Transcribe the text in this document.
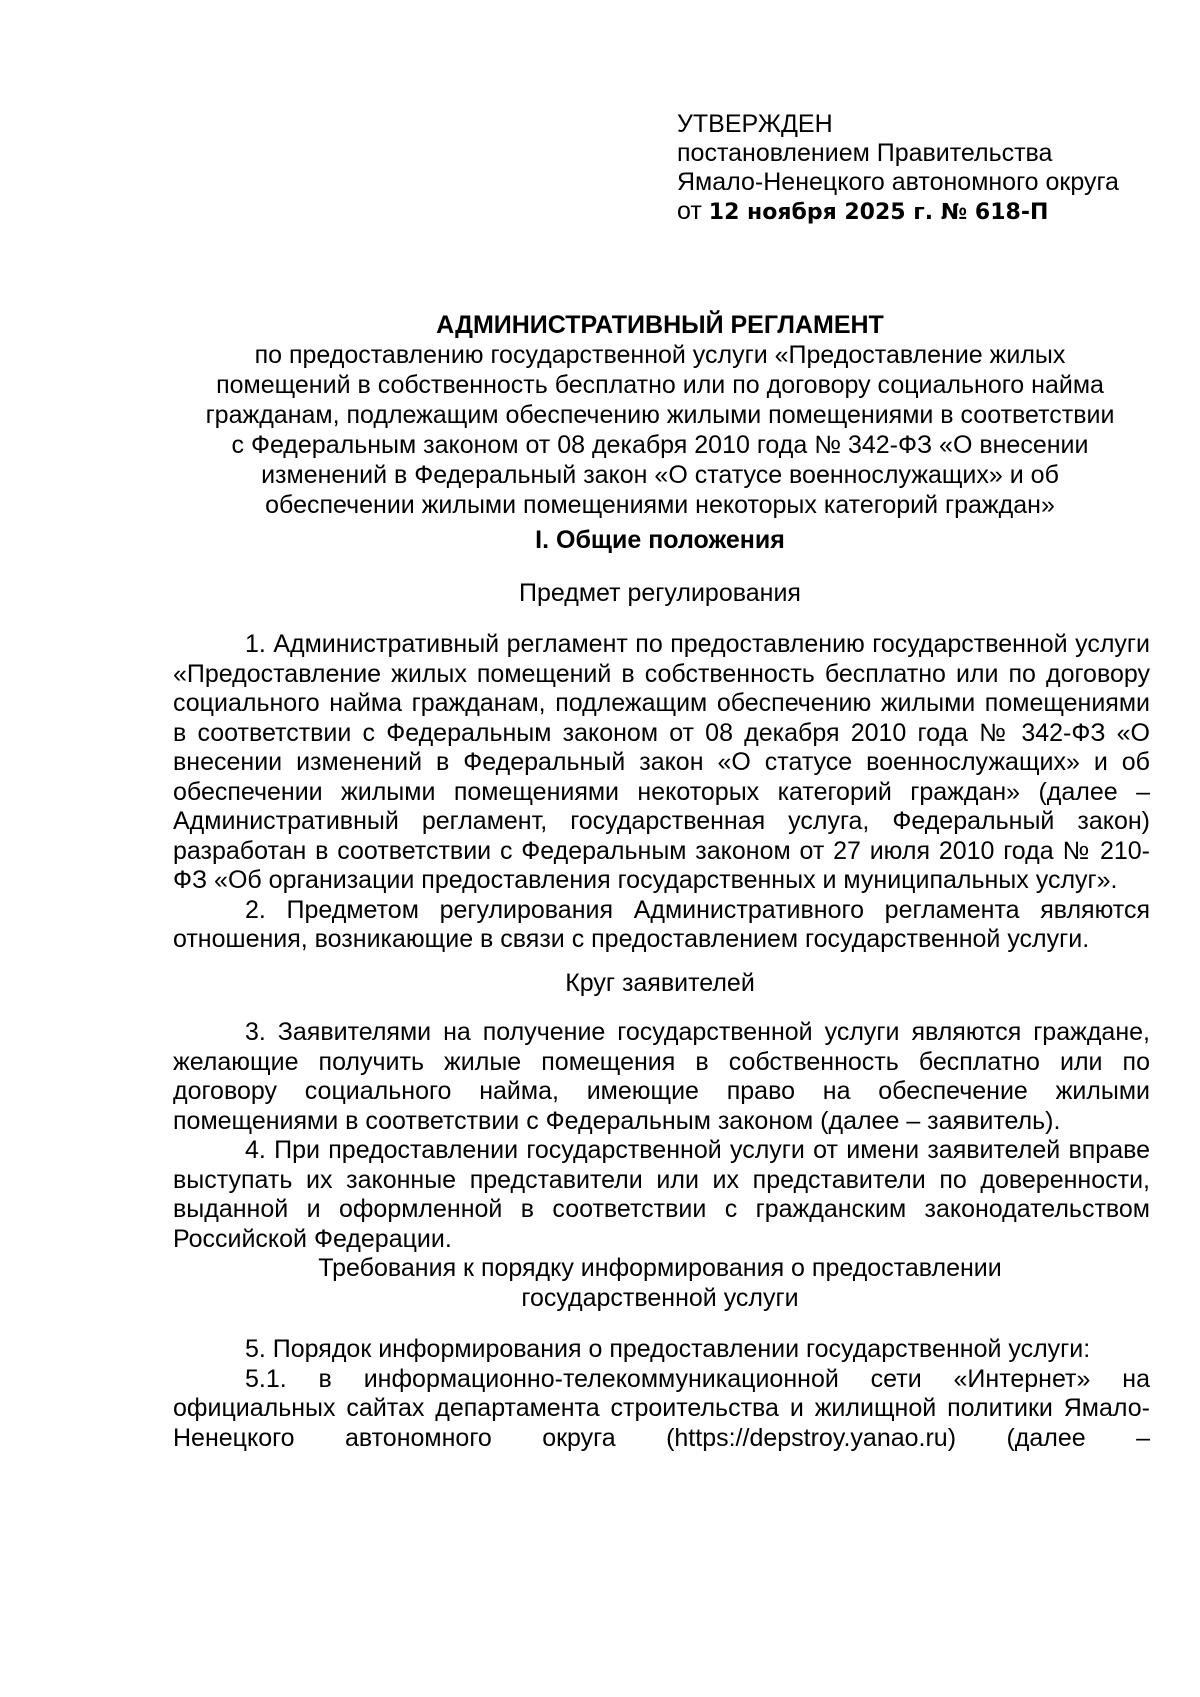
УТВЕРЖДЕН

постановлением Правительства

Ямало-Ненецкого автономного округа

от 12 ноября 2025 г. № 618-П

АДМИНИСТРАТИВНЫЙ РЕГЛАМЕНТ

по предоставлению государственной услуги «Предоставление жилых

помещений в собственность бесплатно или по договору социального найма

гражданам, подлежащим обеспечению жилыми помещениями в соответствии

с Федеральным законом от 08 декабря 2010 года № 342-ФЗ «О внесении

изменений в Федеральный закон «О статусе военнослужащих» и об

обеспечении жилыми помещениями некоторых категорий граждан»

I. Общие положения

Предмет регулирования

1. Административный регламент по предоставлению государственной услуги «Предоставление жилых помещений в собственность бесплатно или по договору социального найма гражданам, подлежащим обеспечению жилыми помещениями в соответствии с Федеральным законом от 08 декабря 2010 года № 342-ФЗ «О внесении изменений в Федеральный закон «О статусе военнослужащих» и об обеспечении жилыми помещениями некоторых категорий граждан» (далее – Административный регламент, государственная услуга, Федеральный закон) разработан в соответствии с Федеральным законом от 27 июля 2010 года № 210-ФЗ «Об организации предоставления государственных и муниципальных услуг».

2. Предметом регулирования Административного регламента являются отношения, возникающие в связи с предоставлением государственной услуги.

Круг заявителей

3. Заявителями на получение государственной услуги являются граждане, желающие получить жилые помещения в собственность бесплатно или по договору социального найма, имеющие право на обеспечение жилыми помещениями в соответствии с Федеральным законом (далее – заявитель).

4. При предоставлении государственной услуги от имени заявителей вправе выступать их законные представители или их представители по доверенности, выданной и оформленной в соответствии с гражданским законодательством Российской Федерации.

Требования к порядку информирования о предоставлении
государственной услуги

5. Порядок информирования о предоставлении государственной услуги:

5.1. в информационно-телекоммуникационной сети «Интернет» на официальных сайтах департамента строительства и жилищной политики Ямало-Ненецкого автономного округа (https://depstroy.yanao.ru) (далее –
